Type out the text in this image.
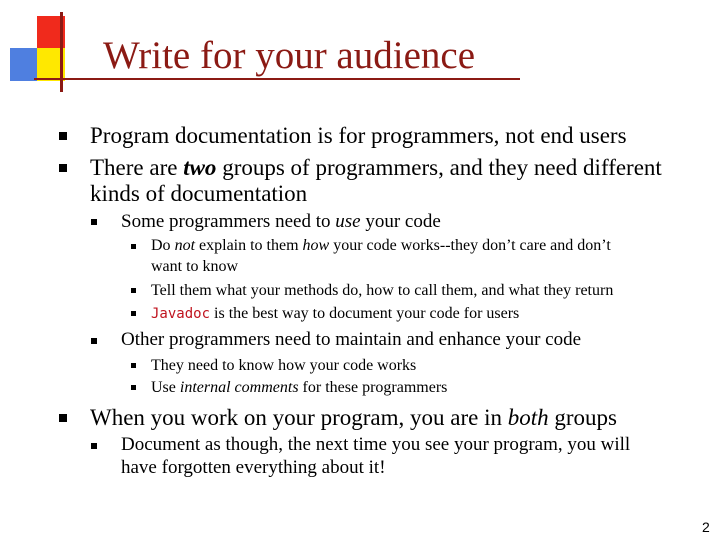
Write for your audience
Program documentation is for programmers, not end users
There are two groups of programmers, and they need different
kinds of documentation
Some programmers need to use your code
Do not explain to them how your code works--they don’t care and don’t
want to know
Tell them what your methods do, how to call them, and what they return
Javadoc is the best way to document your code for users
Other programmers need to maintain and enhance your code
They need to know how your code works
Use internal comments for these programmers
When you work on your program, you are in both groups
Document as though, the next time you see your program, you will
have forgotten everything about it!
2
